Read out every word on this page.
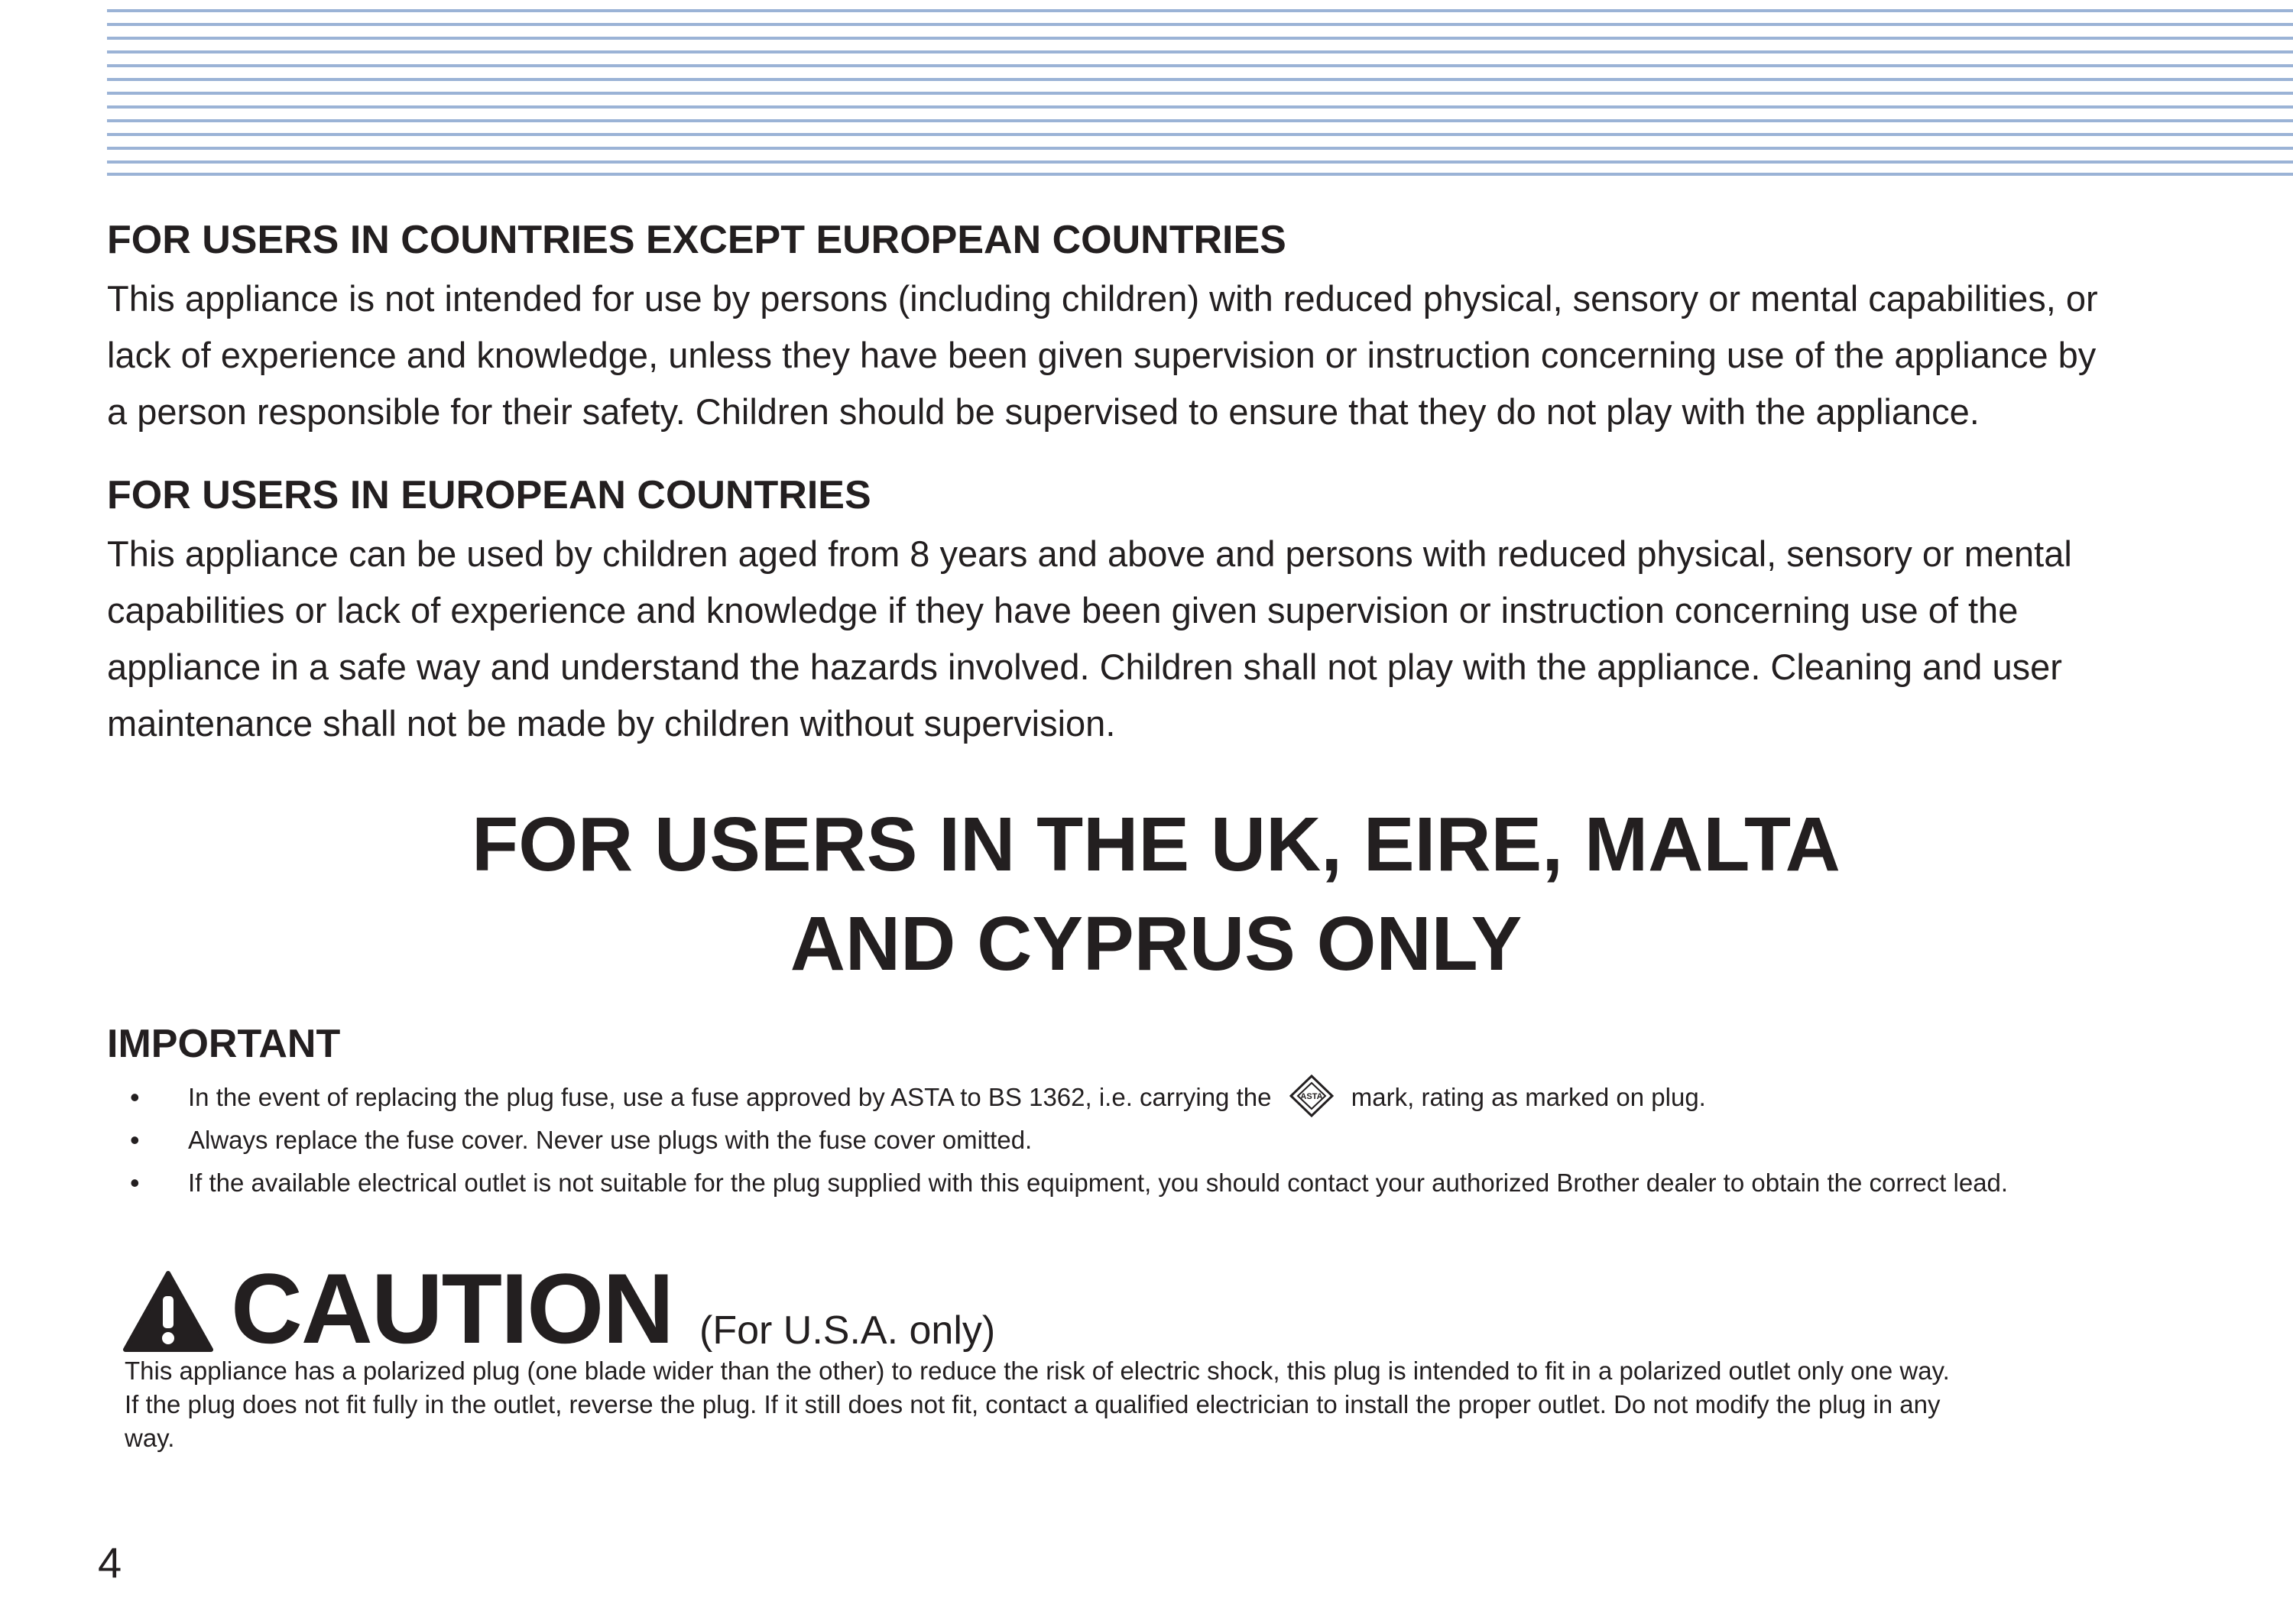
FOR USERS IN COUNTRIES EXCEPT EUROPEAN COUNTRIES
This appliance is not intended for use by persons (including children) with reduced physical, sensory or mental capabilities, or
lack of experience and knowledge, unless they have been given supervision or instruction concerning use of the appliance by
a person responsible for their safety. Children should be supervised to ensure that they do not play with the appliance.
FOR USERS IN EUROPEAN COUNTRIES
This appliance can be used by children aged from 8 years and above and persons with reduced physical, sensory or mental
capabilities or lack of experience and knowledge if they have been given supervision or instruction concerning use of the
appliance in a safe way and understand the hazards involved. Children shall not play with the appliance. Cleaning and user
maintenance shall not be made by children without supervision.
FOR USERS IN THE UK, EIRE, MALTA
AND CYPRUS ONLY
IMPORTANT
• In the event of replacing the plug fuse, use a fuse approved by ASTA to BS 1362, i.e. carrying the	ASTA mark, rating as marked on plug.
• Always replace the fuse cover. Never use plugs with the fuse cover omitted.
• If the available electrical outlet is not suitable for the plug supplied with this equipment, you should contact your authorized Brother dealer to obtain the correct lead.
CAUTION (For U.S.A. only)
This appliance has a polarized plug (one blade wider than the other) to reduce the risk of electric shock, this plug is intended to fit in a polarized outlet only one way.
If the plug does not fit fully in the outlet, reverse the plug. If it still does not fit, contact a qualified electrician to install the proper outlet. Do not modify the plug in any
way.
4
